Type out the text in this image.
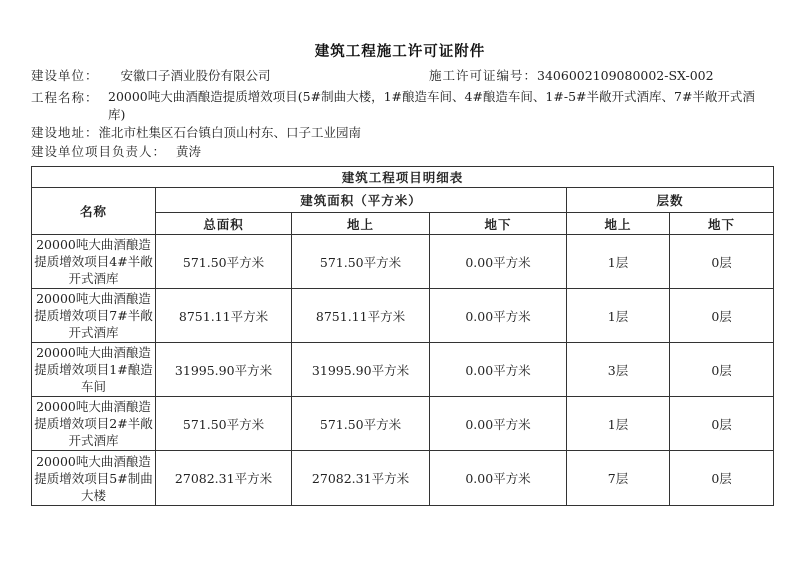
建筑工程施工许可证附件
建设单位： 安徽口子酒业股份有限公司	施工许可证编号：3406002109080002-SX-002
工程名称： 20000吨大曲酒酿造提质增效项目(5#制曲大楼，1#酿造车间、4#酿造车间、1#-5#半敞开式酒库、7#半敞开式酒库)
建设地址：淮北市杜集区石台镇白顶山村东、口子工业园南
建设单位项目负责人： 黄涛
建筑工程项目明细表					
名称	建筑面积（平方米）			层数	
	总面积	地上	地下	地上	地下
20000吨大曲酒酿造提质增效项目4#半敞开式酒库	571.50平方米	571.50平方米	0.00平方米	1层	0层
20000吨大曲酒酿造提质增效项目7#半敞开式酒库	8751.11平方米	8751.11平方米	0.00平方米	1层	0层
20000吨大曲酒酿造提质增效项目1#酿造车间	31995.90平方米	31995.90平方米	0.00平方米	3层	0层
20000吨大曲酒酿造提质增效项目2#半敞开式酒库	571.50平方米	571.50平方米	0.00平方米	1层	0层
20000吨大曲酒酿造提质增效项目5#制曲大楼	27082.31平方米	27082.31平方米	0.00平方米	7层	0层
